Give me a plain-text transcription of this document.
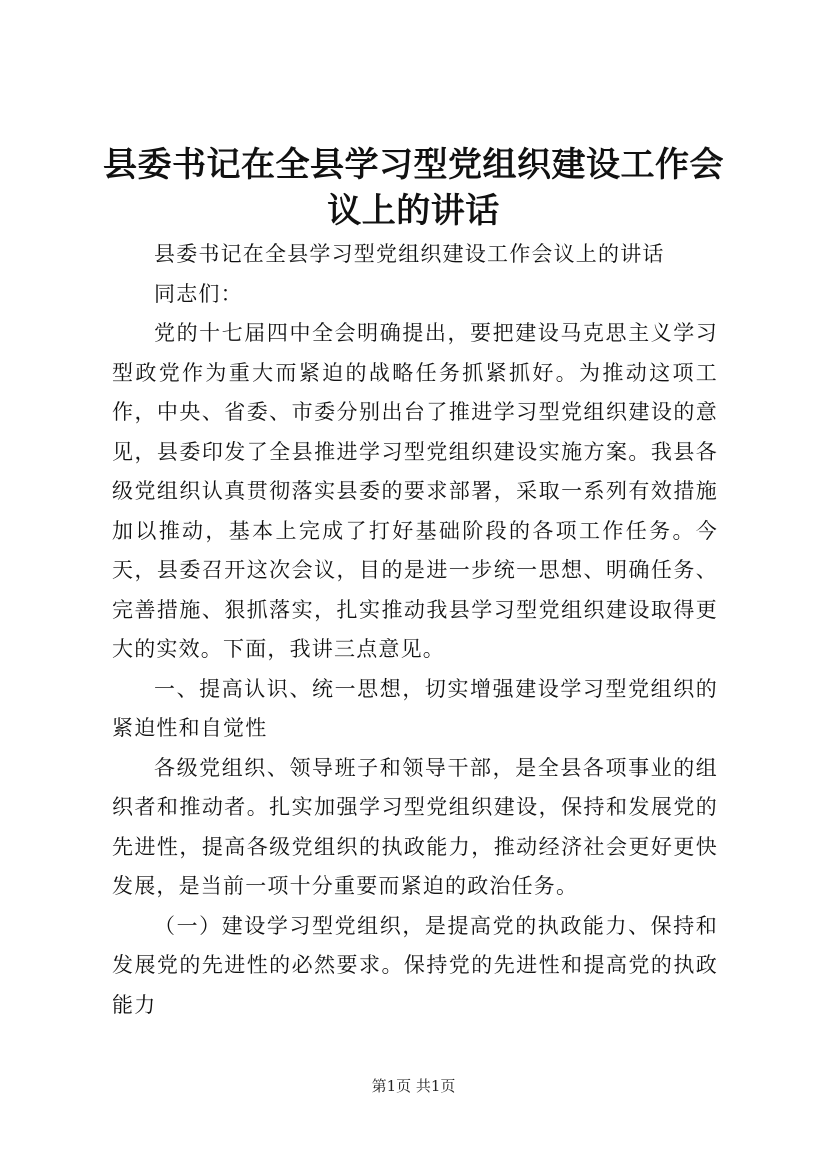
县委书记在全县学习型党组织建设工作会议上的讲话

县委书记在全县学习型党组织建设工作会议上的讲话

同志们：

党的十七届四中全会明确提出，要把建设马克思主义学习型政党作为重大而紧迫的战略任务抓紧抓好。为推动这项工作，中央、省委、市委分别出台了推进学习型党组织建设的意见，县委印发了全县推进学习型党组织建设实施方案。我县各级党组织认真贯彻落实县委的要求部署，采取一系列有效措施加以推动，基本上完成了打好基础阶段的各项工作任务。今天，县委召开这次会议，目的是进一步统一思想、明确任务、完善措施、狠抓落实，扎实推动我县学习型党组织建设取得更大的实效。下面，我讲三点意见。

一、提高认识、统一思想，切实增强建设学习型党组织的紧迫性和自觉性

各级党组织、领导班子和领导干部，是全县各项事业的组织者和推动者。扎实加强学习型党组织建设，保持和发展党的先进性，提高各级党组织的执政能力，推动经济社会更好更快发展，是当前一项十分重要而紧迫的政治任务。

（一）建设学习型党组织，是提高党的执政能力、保持和发展党的先进性的必然要求。保持党的先进性和提高党的执政能力

第1页 共1页
